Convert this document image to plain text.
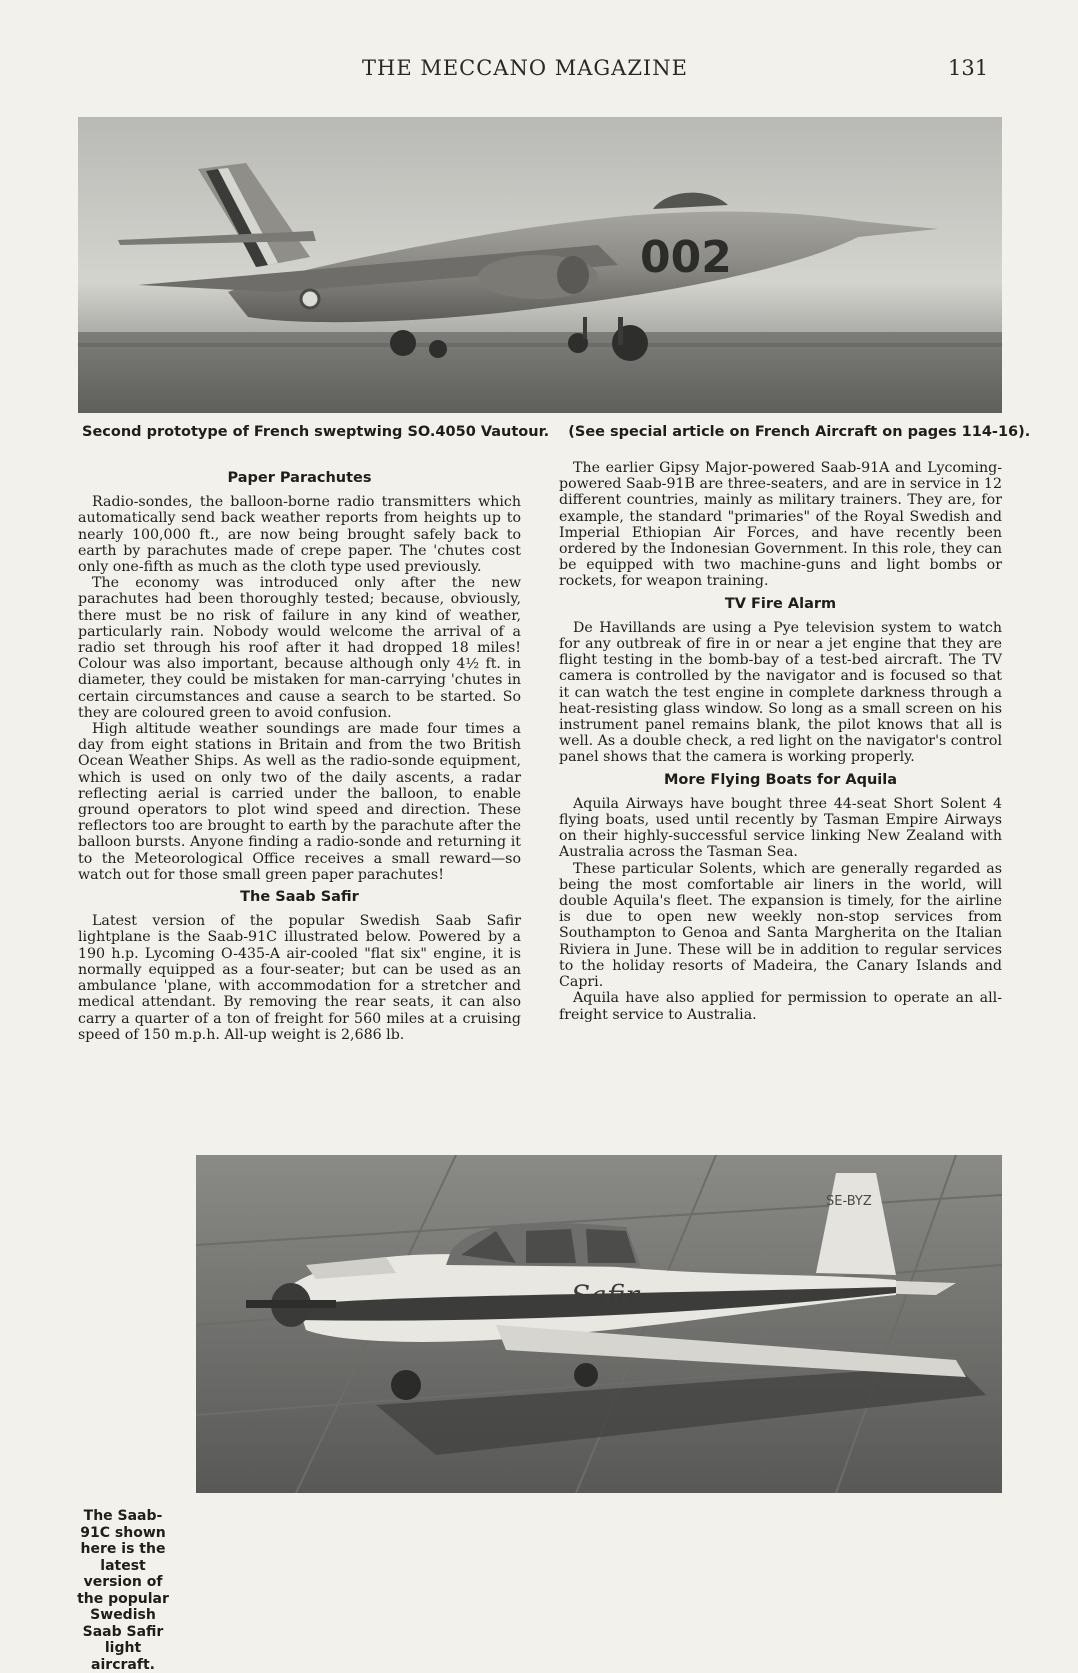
THE MECCANO MAGAZINE	131
002
Second prototype of French sweptwing SO.4050 Vautour. (See special article on French Aircraft on pages 114-16).
Paper Parachutes

Radio-sondes, the balloon-borne radio transmitters which automatically send back weather reports from heights up to nearly 100,000 ft., are now being brought safely back to earth by parachutes made of crepe paper. The 'chutes cost only one-fifth as much as the cloth type used previously.

The economy was introduced only after the new parachutes had been thoroughly tested; because, obviously, there must be no risk of failure in any kind of weather, particularly rain. Nobody would welcome the arrival of a radio set through his roof after it had dropped 18 miles! Colour was also important, because although only 4½ ft. in diameter, they could be mistaken for man-carrying 'chutes in certain circumstances and cause a search to be started. So they are coloured green to avoid confusion.

High altitude weather soundings are made four times a day from eight stations in Britain and from the two British Ocean Weather Ships. As well as the radio-sonde equipment, which is used on only two of the daily ascents, a radar reflecting aerial is carried under the balloon, to enable ground operators to plot wind speed and direction. These reflectors too are brought to earth by the parachute after the balloon bursts. Anyone finding a radio-sonde and returning it to the Meteorological Office receives a small reward—so watch out for those small green paper parachutes!

The Saab Safir

Latest version of the popular Swedish Saab Safir lightplane is the Saab-91C illustrated below. Powered by a 190 h.p. Lycoming O-435-A air-cooled "flat six" engine, it is normally equipped as a four-seater; but can be used as an ambulance 'plane, with accommodation for a stretcher and medical attendant. By removing the rear seats, it can also carry a quarter of a ton of freight for 560 miles at a cruising speed of 150 m.p.h. All-up weight is 2,686 lb.

The earlier Gipsy Major-powered Saab-91A and Lycoming-powered Saab-91B are three-seaters, and are in service in 12 different countries, mainly as military trainers. They are, for example, the standard "primaries" of the Royal Swedish and Imperial Ethiopian Air Forces, and have recently been ordered by the Indonesian Government. In this role, they can be equipped with two machine-guns and light bombs or rockets, for weapon training.

TV Fire Alarm

De Havillands are using a Pye television system to watch for any outbreak of fire in or near a jet engine that they are flight testing in the bomb-bay of a test-bed aircraft. The TV camera is controlled by the navigator and is focused so that it can watch the test engine in complete darkness through a heat-resisting glass window. So long as a small screen on his instrument panel remains blank, the pilot knows that all is well. As a double check, a red light on the navigator's control panel shows that the camera is working properly.

More Flying Boats for Aquila

Aquila Airways have bought three 44-seat Short Solent 4 flying boats, used until recently by Tasman Empire Airways on their highly-successful service linking New Zealand with Australia across the Tasman Sea.

These particular Solents, which are generally regarded as being the most comfortable air liners in the world, will double Aquila's fleet. The expansion is timely, for the airline is due to open new weekly non-stop services from Southampton to Genoa and Santa Margherita on the Italian Riviera in June. These will be in addition to regular services to the holiday resorts of Madeira, the Canary Islands and Capri.

Aquila have also applied for permission to operate an all-freight service to Australia.

The Saab-91C shown here is the latest version of the popular Swedish Saab Safir light aircraft.
SE-BYZ
Safir
